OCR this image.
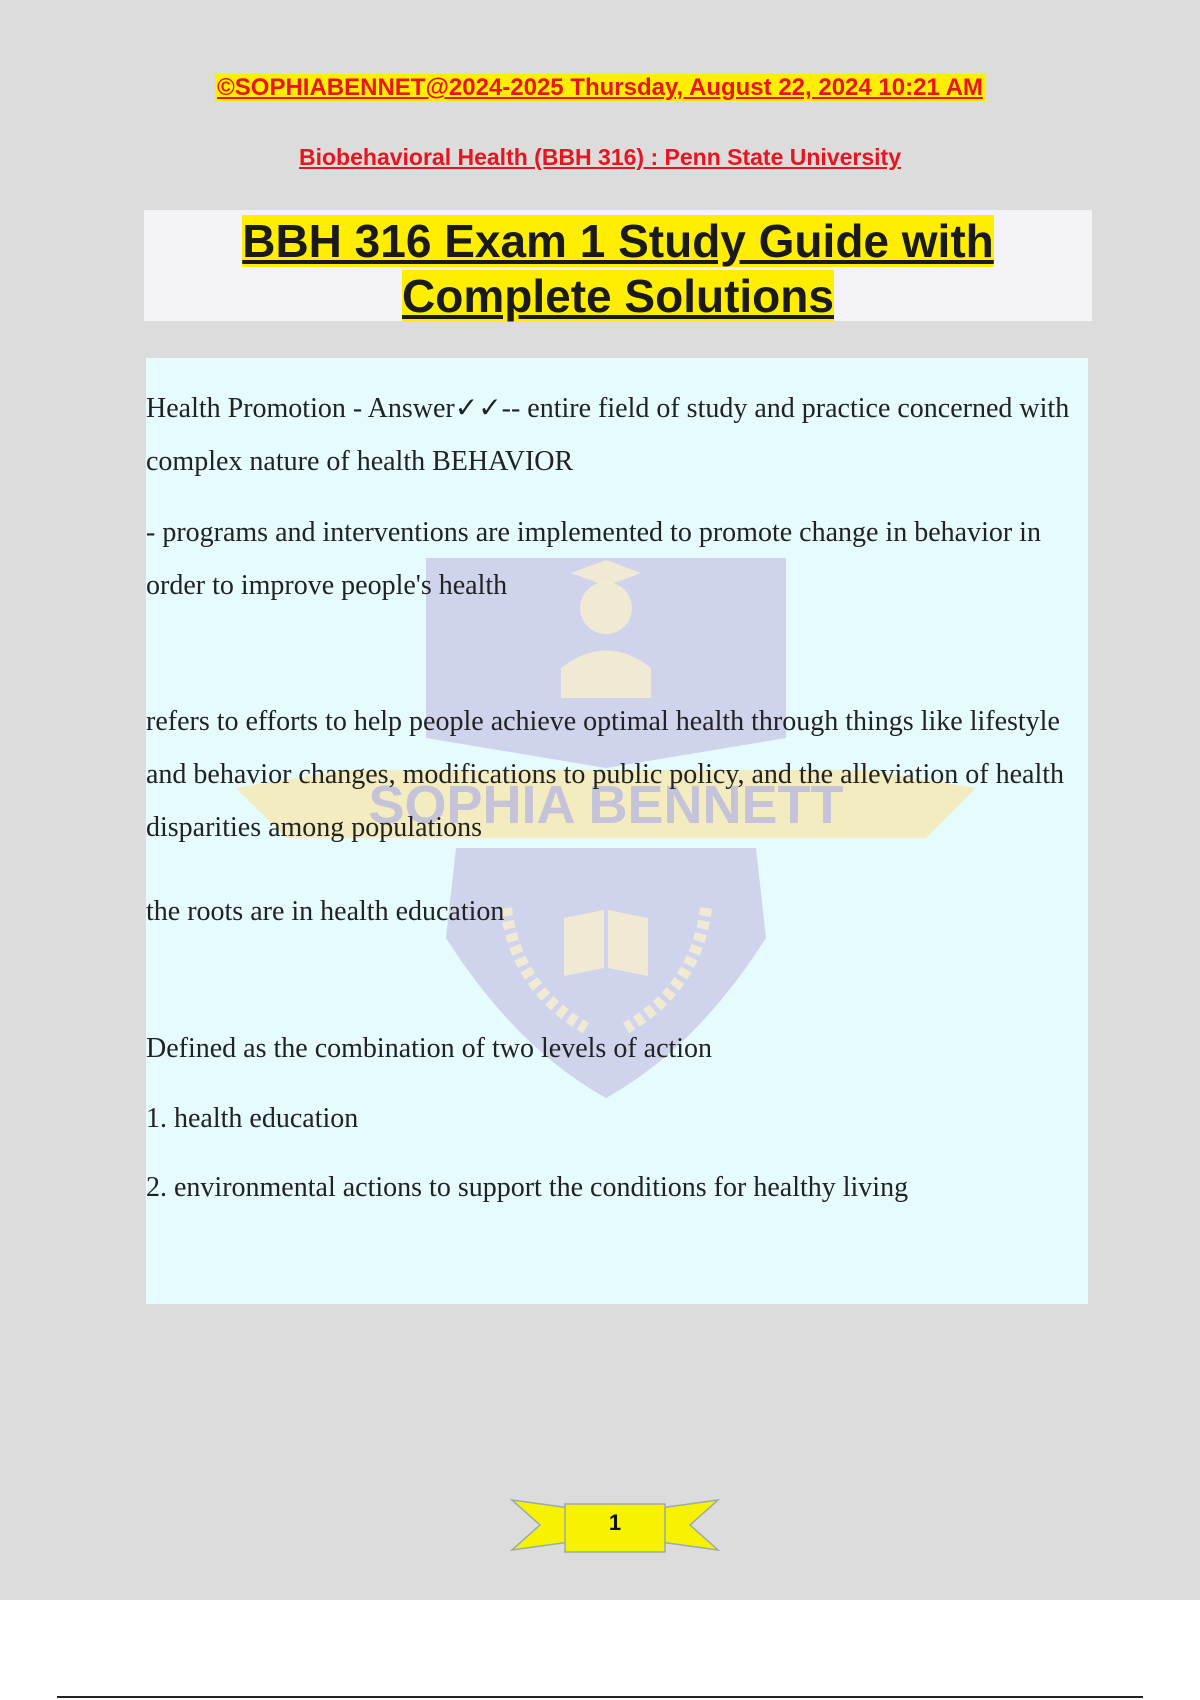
©SOPHIABENNET@2024-2025 Thursday, August 22, 2024 10:21 AM
Biobehavioral Health (BBH 316) : Penn State University
BBH 316 Exam 1 Study Guide with
Complete Solutions
SOPHIA BENNETT
Health Promotion - Answer✓✓-- entire field of study and practice concerned with complex nature of health BEHAVIOR
- programs and interventions are implemented to promote change in behavior in order to improve people's health
refers to efforts to help people achieve optimal health through things like lifestyle and behavior changes, modifications to public policy, and the alleviation of health disparities among populations
the roots are in health education
Defined as the combination of two levels of action
1. health education
2. environmental actions to support the conditions for healthy living
1
